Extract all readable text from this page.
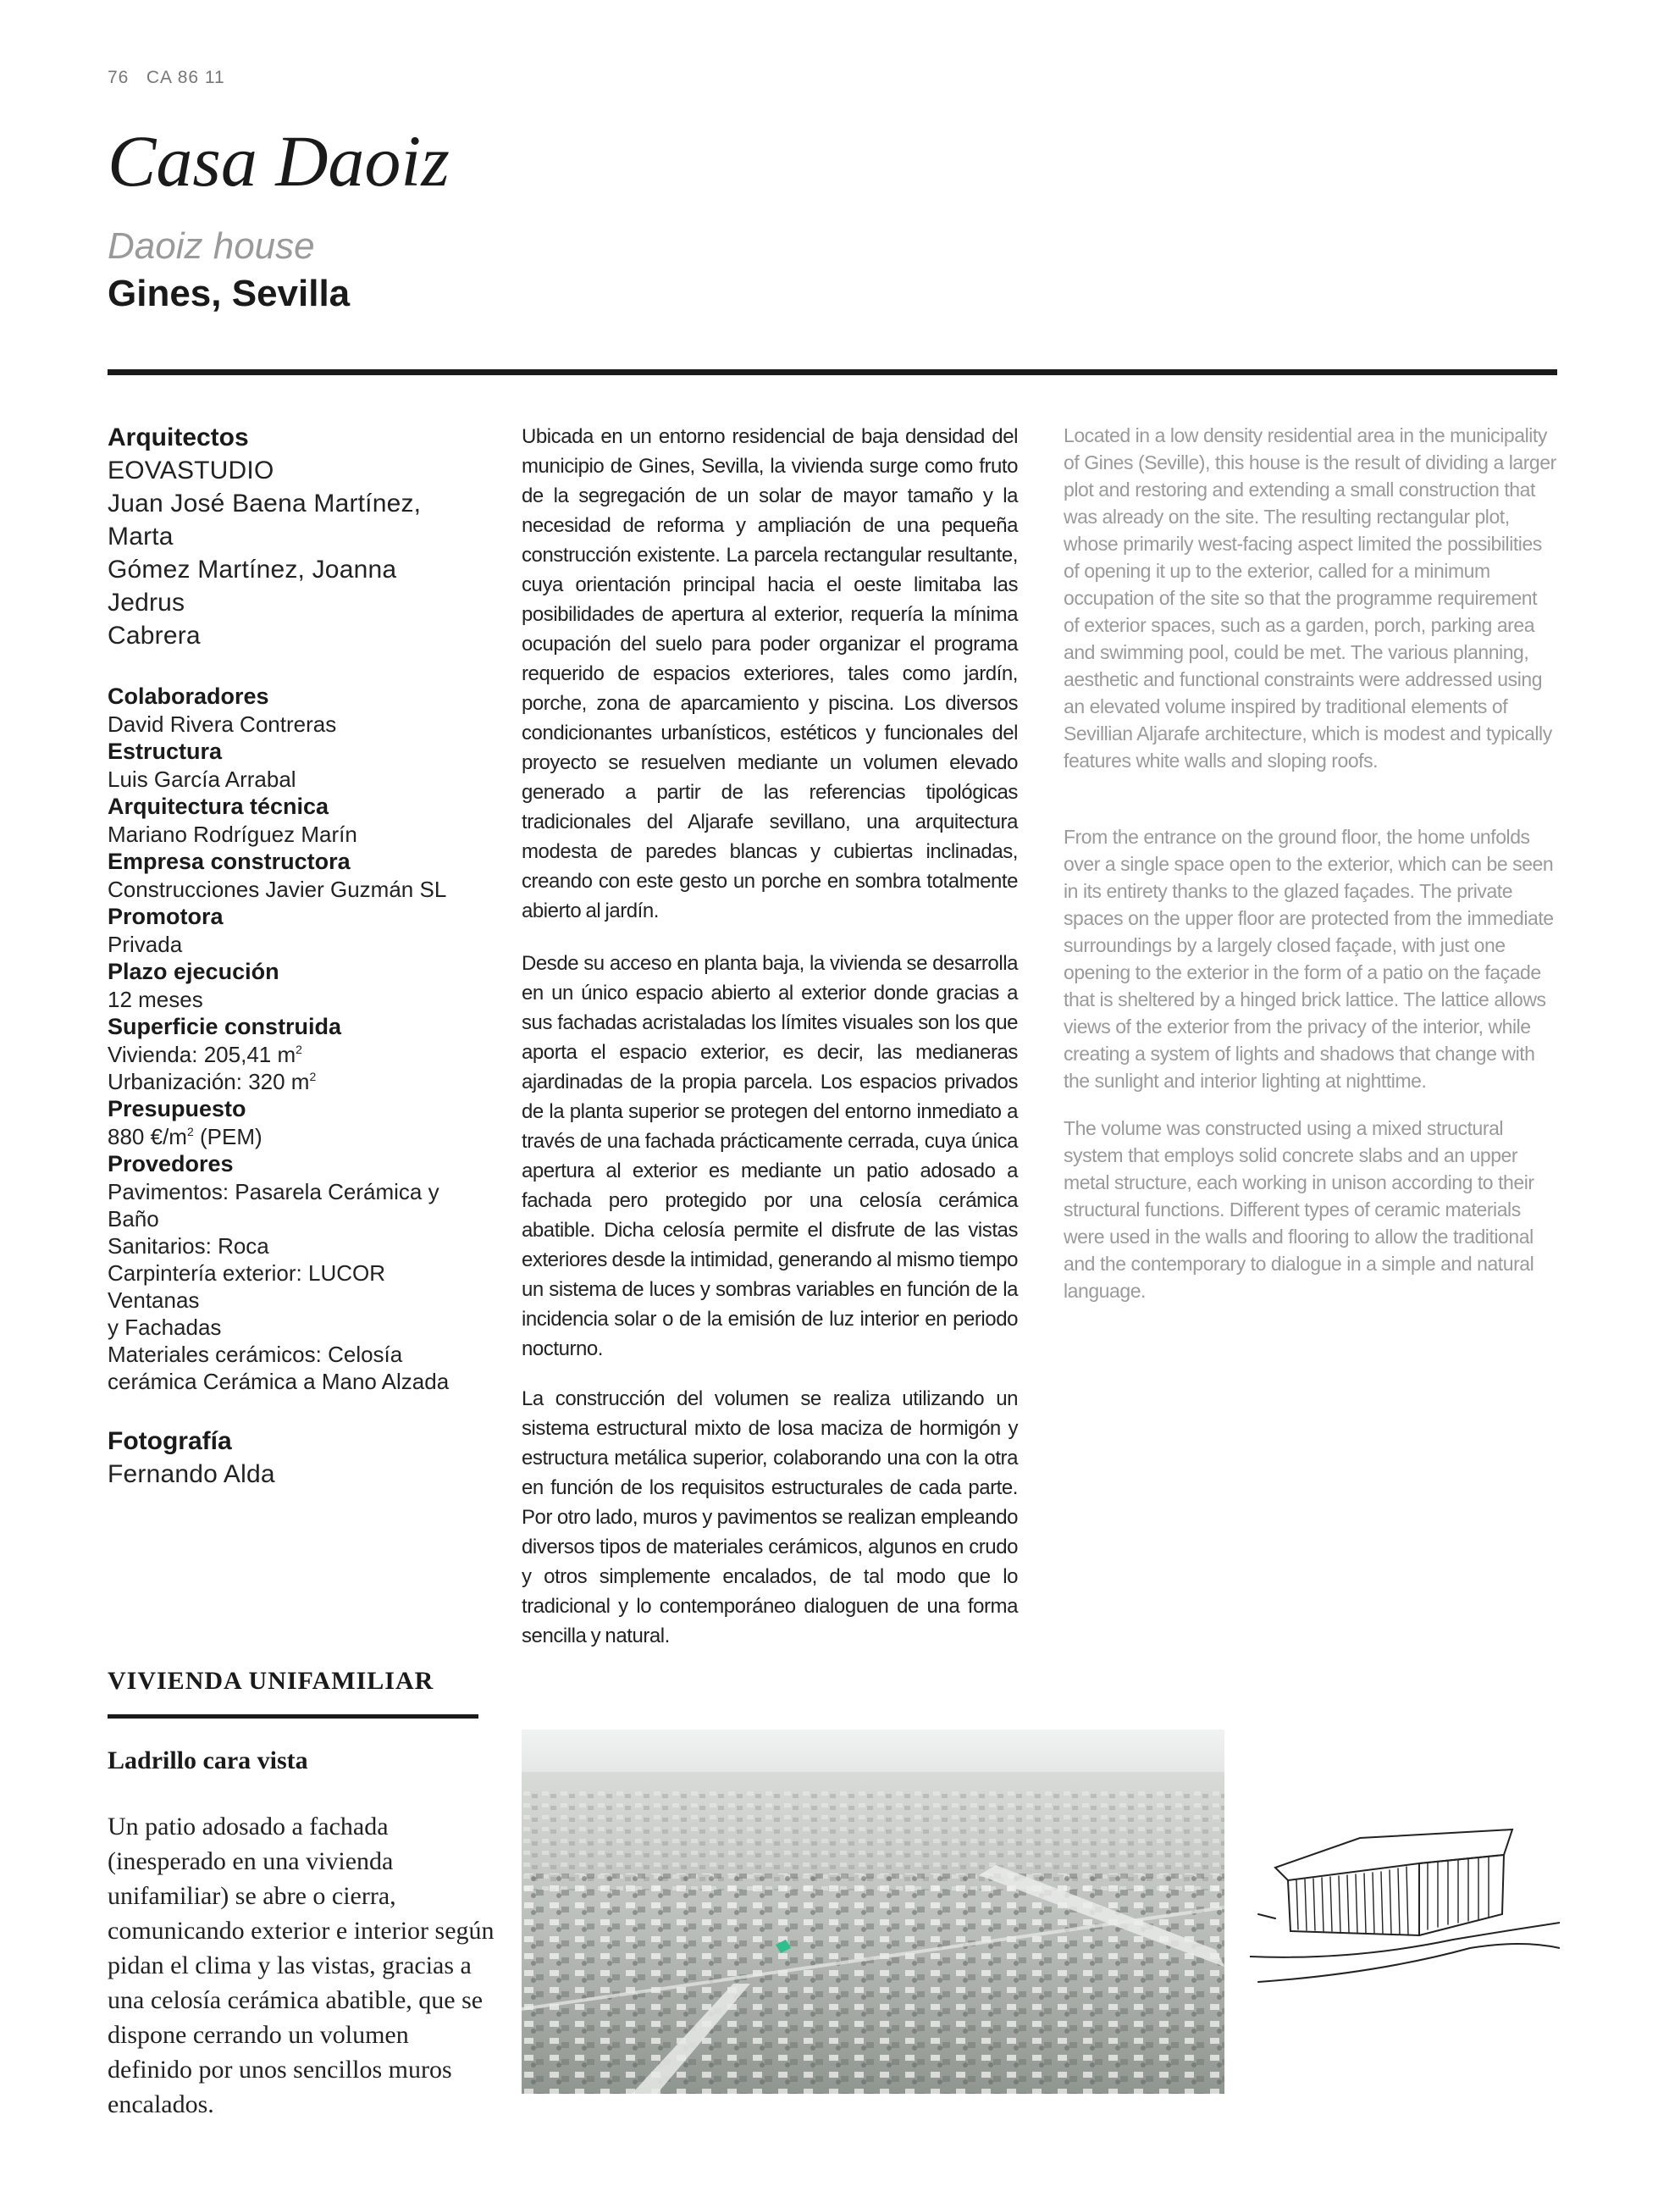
76 CA 86 11
Casa Daoiz
Daoiz house
Gines, Sevilla
Arquitectos
EOVASTUDIO
Juan José Baena Martínez, Marta
Gómez Martínez, Joanna Jedrus
Cabrera
Colaboradores
David Rivera Contreras
Estructura
Luis García Arrabal
Arquitectura técnica
Mariano Rodríguez Marín
Empresa constructora
Construcciones Javier Guzmán SL
Promotora
Privada
Plazo ejecución
12 meses
Superficie construida
Vivienda: 205,41 $m^2$
Urbanización: 320 $m^2$
Presupuesto
880 $€/m^2$ (PEM)
Provedores
Pavimentos: Pasarela Cerámica y Baño
Sanitarios: Roca
Carpintería exterior: LUCOR Ventanas
y Fachadas
Materiales cerámicos: Celosía
cerámica Cerámica a Mano Alzada
Fotografía
Fernando Alda
Ubicada en un entorno residencial de baja densidad del municipio de Gines, Sevilla, la vivienda surge como fruto de la segregación de un solar de mayor tamaño y la necesidad de reforma y ampliación de una pequeña construcción existente. La parcela rectangular resultante, cuya orientación principal hacia el oeste limitaba las posibilidades de apertura al exterior, requería la mínima ocupación del suelo para poder organizar el programa requerido de espacios exteriores, tales como jardín, porche, zona de aparcamiento y piscina. Los diversos condicionantes urbanísticos, estéticos y funcionales del proyecto se resuelven mediante un volumen elevado generado a partir de las referencias tipológicas tradicionales del Aljarafe sevillano, una arquitectura modesta de paredes blancas y cubiertas inclinadas, creando con este gesto un porche en sombra totalmente abierto al jardín.
Desde su acceso en planta baja, la vivienda se desarrolla en un único espacio abierto al exterior donde gracias a sus fachadas acristaladas los límites visuales son los que aporta el espacio exterior, es decir, las medianeras ajardinadas de la propia parcela. Los espacios privados de la planta superior se protegen del entorno inmediato a través de una fachada prácticamente cerrada, cuya única apertura al exterior es mediante un patio adosado a fachada pero protegido por una celosía cerámica abatible. Dicha celosía permite el disfrute de las vistas exteriores desde la intimidad, generando al mismo tiempo un sistema de luces y sombras variables en función de la incidencia solar o de la emisión de luz interior en periodo nocturno.
La construcción del volumen se realiza utilizando un sistema estructural mixto de losa maciza de hormigón y estructura metálica superior, colaborando una con la otra en función de los requisitos estructurales de cada parte. Por otro lado, muros y pavimentos se realizan empleando diversos tipos de materiales cerámicos, algunos en crudo y otros simplemente encalados, de tal modo que lo tradicional y lo contemporáneo dialoguen de una forma sencilla y natural.
Located in a low density residential area in the municipality of Gines (Seville), this house is the result of dividing a larger plot and restoring and extending a small construction that was already on the site. The resulting rectangular plot, whose primarily west-facing aspect limited the possibilities of opening it up to the exterior, called for a minimum occupation of the site so that the programme requirement of exterior spaces, such as a garden, porch, parking area and swimming pool, could be met. The various planning, aesthetic and functional constraints were addressed using an elevated volume inspired by traditional elements of Sevillian Aljarafe architecture, which is modest and typically features white walls and sloping roofs.
From the entrance on the ground floor, the home unfolds over a single space open to the exterior, which can be seen in its entirety thanks to the glazed façades. The private spaces on the upper floor are protected from the immediate surroundings by a largely closed façade, with just one opening to the exterior in the form of a patio on the façade that is sheltered by a hinged brick lattice. The lattice allows views of the exterior from the privacy of the interior, while creating a system of lights and shadows that change with the sunlight and interior lighting at nighttime.
The volume was constructed using a mixed structural system that employs solid concrete slabs and an upper metal structure, each working in unison according to their structural functions. Different types of ceramic materials were used in the walls and flooring to allow the traditional and the contemporary to dialogue in a simple and natural language.
VIVIENDA UNIFAMILIAR
Ladrillo cara vista
Un patio adosado a fachada (inesperado en una vivienda unifamiliar) se abre o cierra, comunicando exterior e interior según pidan el clima y las vistas, gracias a una celosía cerámica abatible, que se dispone cerrando un volumen definido por unos sencillos muros encalados.
